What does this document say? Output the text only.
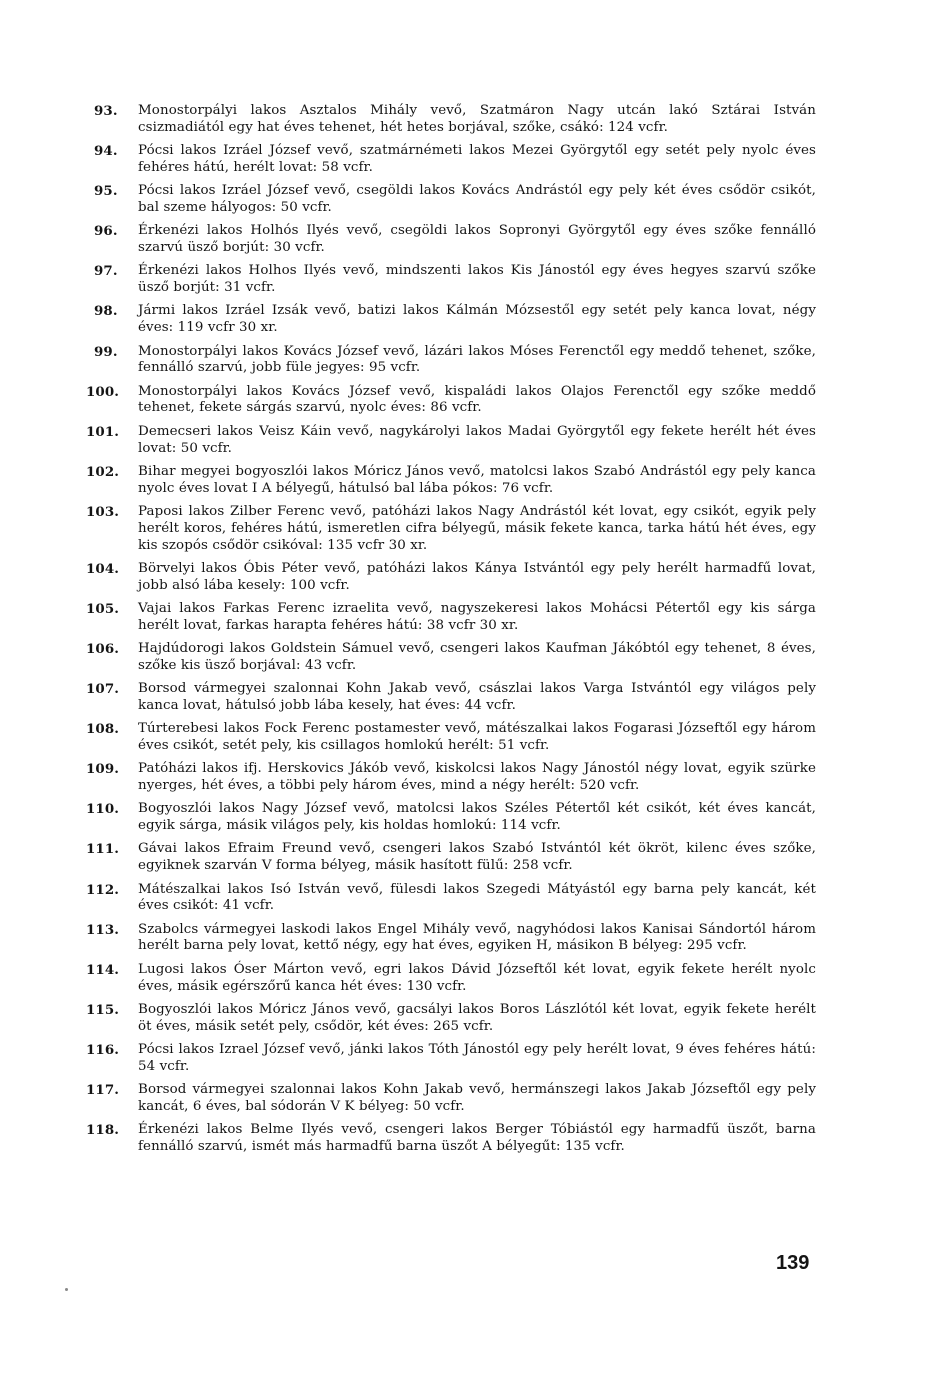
93.	Monostorpályi lakos Asztalos Mihály vevő, Szatmáron Nagy utcán lakó Sztárai István csizmadiától egy hat éves tehenet, hét hetes borjával, szőke, csákó: 124 vcfr.
94.	Pócsi lakos Izráel József vevő, szatmárnémeti lakos Mezei Györgytől egy setét pely nyolc éves fehéres hátú, herélt lovat: 58 vcfr.
95.	Pócsi lakos Izráel József vevő, csegöldi lakos Kovács Andrástól egy pely két éves csődör csikót, bal szeme hályogos: 50 vcfr.
96.	Érkenézi lakos Holhós Ilyés vevő, csegöldi lakos Sopronyi Györgytől egy éves szőke fennálló szarvú üsző borjút: 30 vcfr.
97.	Érkenézi lakos Holhos Ilyés vevő, mindszenti lakos Kis Jánostól egy éves hegyes szarvú szőke üsző borjút: 31 vcfr.
98.	Jármi lakos Izráel Izsák vevő, batizi lakos Kálmán Mózsestől egy setét pely kanca lovat, négy éves: 119 vcfr 30 xr.
99.	Monostorpályi lakos Kovács József vevő, lázári lakos Móses Ferenctől egy meddő tehenet, szőke, fennálló szarvú, jobb füle jegyes: 95 vcfr.
100.	Monostorpályi lakos Kovács József vevő, kispaládi lakos Olajos Ferenctől egy szőke meddő tehenet, fekete sárgás szarvú, nyolc éves: 86 vcfr.
101.	Demecseri lakos Veisz Káin vevő, nagykárolyi lakos Madai Györgytől egy fekete herélt hét éves lovat: 50 vcfr.
102.	Bihar megyei bogyoszlói lakos Móricz János vevő, matolcsi lakos Szabó Andrástól egy pely kanca nyolc éves lovat I A bélyegű, hátulsó bal lába pókos: 76 vcfr.
103.	Paposi lakos Zilber Ferenc vevő, patóházi lakos Nagy Andrástól két lovat, egy csikót, egyik pely herélt koros, fehéres hátú, ismeretlen cifra bélyegű, másik fekete kanca, tarka hátú hét éves, egy kis szopós csődör csikóval: 135 vcfr 30 xr.
104.	Börvelyi lakos Óbis Péter vevő, patóházi lakos Kánya Istvántól egy pely herélt harmadfű lovat, jobb alsó lába kesely: 100 vcfr.
105.	Vajai lakos Farkas Ferenc izraelita vevő, nagyszekeresi lakos Mohácsi Pétertől egy kis sárga herélt lovat, farkas harapta fehéres hátú: 38 vcfr 30 xr.
106.	Hajdúdorogi lakos Goldstein Sámuel vevő, csengeri lakos Kaufman Jákóbtól egy tehenet, 8 éves, szőke kis üsző borjával: 43 vcfr.
107.	Borsod vármegyei szalonnai Kohn Jakab vevő, császlai lakos Varga Istvántól egy világos pely kanca lovat, hátulsó jobb lába kesely, hat éves: 44 vcfr.
108.	Túrterebesi lakos Fock Ferenc postamester vevő, mátészalkai lakos Fogarasi Józseftől egy három éves csikót, setét pely, kis csillagos homlokú herélt: 51 vcfr.
109.	Patóházi lakos ifj. Herskovics Jákób vevő, kiskolcsi lakos Nagy Jánostól négy lovat, egyik szürke nyerges, hét éves, a többi pely három éves, mind a négy herélt: 520 vcfr.
110.	Bogyoszlói lakos Nagy József vevő, matolcsi lakos Széles Pétertől két csikót, két éves kancát, egyik sárga, másik világos pely, kis holdas homlokú: 114 vcfr.
111.	Gávai lakos Efraim Freund vevő, csengeri lakos Szabó Istvántól két ökröt, kilenc éves szőke, egyiknek szarván V forma bélyeg, másik hasított fülű: 258 vcfr.
112.	Mátészalkai lakos Isó István vevő, fülesdi lakos Szegedi Mátyástól egy barna pely kancát, két éves csikót: 41 vcfr.
113.	Szabolcs vármegyei laskodi lakos Engel Mihály vevő, nagyhódosi lakos Kanisai Sándortól három herélt barna pely lovat, kettő négy, egy hat éves, egyiken H, másikon B bélyeg: 295 vcfr.
114.	Lugosi lakos Óser Márton vevő, egri lakos Dávid Józseftől két lovat, egyik fekete herélt nyolc éves, másik egérszőrű kanca hét éves: 130 vcfr.
115.	Bogyoszlói lakos Móricz János vevő, gacsályi lakos Boros Lászlótól két lovat, egyik fekete herélt öt éves, másik setét pely, csődör, két éves: 265 vcfr.
116.	Pócsi lakos Izrael József vevő, jánki lakos Tóth Jánostól egy pely herélt lovat, 9 éves fehéres hátú: 54 vcfr.
117.	Borsod vármegyei szalonnai lakos Kohn Jakab vevő, hermánszegi lakos Jakab Józseftől egy pely kancát, 6 éves, bal sódorán V K bélyeg: 50 vcfr.
118.	Érkenézi lakos Belme Ilyés vevő, csengeri lakos Berger Tóbiástól egy harmadfű üszőt, barna fennálló szarvú, ismét más harmadfű barna üszőt A bélyegűt: 135 vcfr.
139
